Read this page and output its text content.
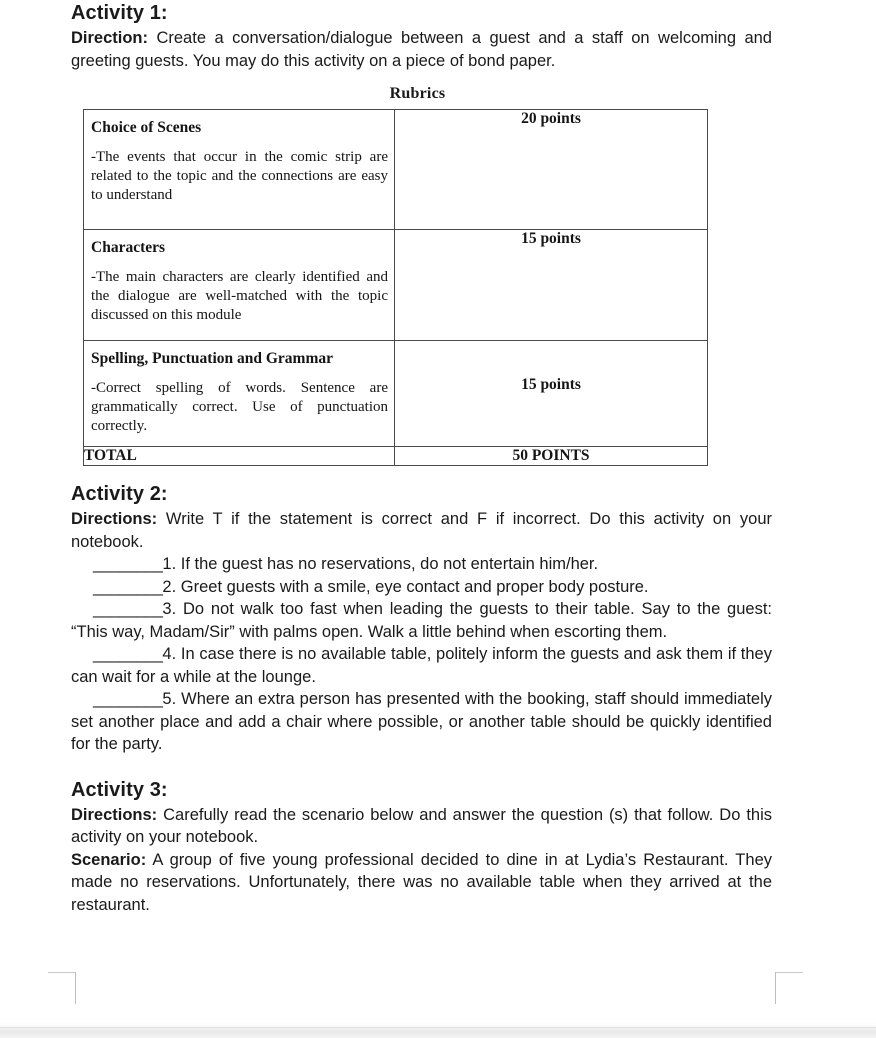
Activity 1:

Direction: Create a conversation/dialogue between a guest and a staff on welcoming and greeting guests. You may do this activity on a piece of bond paper.

Rubrics
Choice of Scenes
-The events that occur in the comic strip are related to the topic and the connections are easy to understand	20 points

Characters
-The main characters are clearly identified and the dialogue are well-matched with the topic discussed on this module	15 points

Spelling, Punctuation and Grammar
-Correct spelling of words. Sentence are grammatically correct. Use of punctuation correctly.	15 points
TOTAL	50 POINTS
Activity 2:

Directions: Write T if the statement is correct and F if incorrect. Do this activity on your notebook.

________1. If the guest has no reservations, do not entertain him/her.

________2. Greet guests with a smile, eye contact and proper body posture.

________3. Do not walk too fast when leading the guests to their table. Say to the guest: “This way, Madam/Sir” with palms open. Walk a little behind when escorting them.

________4. In case there is no available table, politely inform the guests and ask them if they can wait for a while at the lounge.

________5. Where an extra person has presented with the booking, staff should immediately set another place and add a chair where possible, or another table should be quickly identified for the party.

Activity 3:

Directions: Carefully read the scenario below and answer the question (s) that follow. Do this activity on your notebook.

Scenario: A group of five young professional decided to dine in at Lydia’s Restaurant. They made no reservations. Unfortunately, there was no available table when they arrived at the restaurant.
